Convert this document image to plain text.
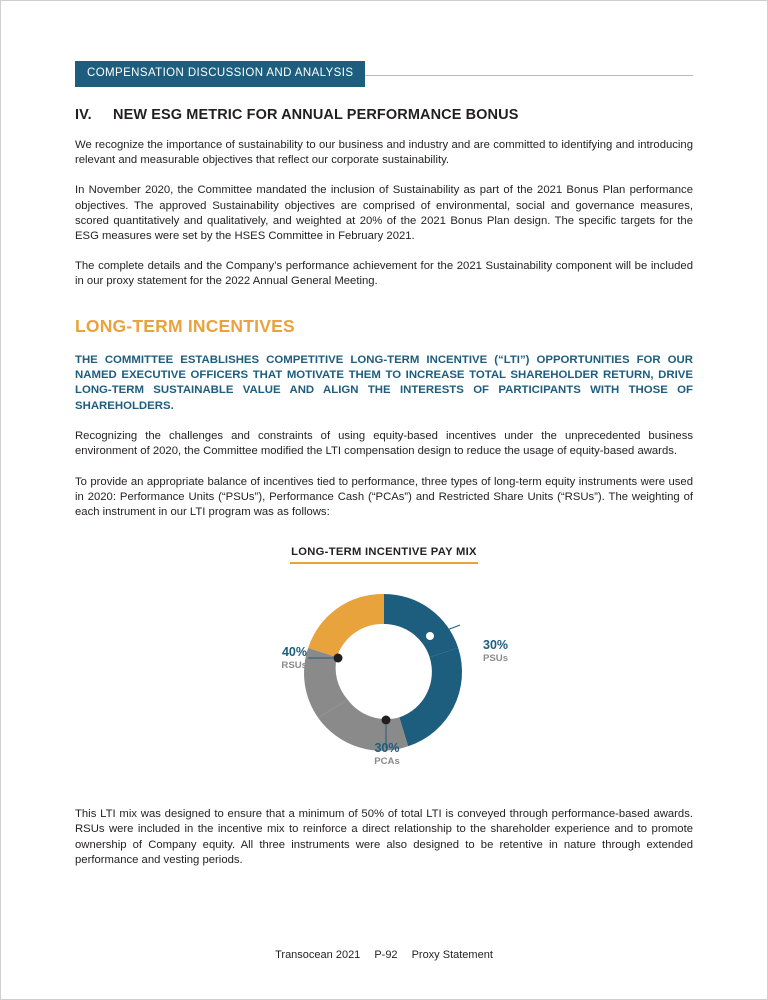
COMPENSATION DISCUSSION AND ANALYSIS
IV. NEW ESG METRIC FOR ANNUAL PERFORMANCE BONUS

We recognize the importance of sustainability to our business and industry and are committed to identifying and introducing relevant and measurable objectives that reflect our corporate sustainability.

In November 2020, the Committee mandated the inclusion of Sustainability as part of the 2021 Bonus Plan performance objectives. The approved Sustainability objectives are comprised of environmental, social and governance measures, scored quantitatively and qualitatively, and weighted at 20% of the 2021 Bonus Plan design. The specific targets for the ESG measures were set by the HSES Committee in February 2021.

The complete details and the Company’s performance achievement for the 2021 Sustainability component will be included in our proxy statement for the 2022 Annual General Meeting.

LONG-TERM INCENTIVES

THE COMMITTEE ESTABLISHES COMPETITIVE LONG-TERM INCENTIVE (“LTI”) OPPORTUNITIES FOR OUR NAMED EXECUTIVE OFFICERS THAT MOTIVATE THEM TO INCREASE TOTAL SHAREHOLDER RETURN, DRIVE LONG-TERM SUSTAINABLE VALUE AND ALIGN THE INTERESTS OF PARTICIPANTS WITH THOSE OF SHAREHOLDERS.

Recognizing the challenges and constraints of using equity-based incentives under the unprecedented business environment of 2020, the Committee modified the LTI compensation design to reduce the usage of equity-based awards.

To provide an appropriate balance of incentives tied to performance, three types of long-term equity instruments were used in 2020: Performance Units (“PSUs”), Performance Cash (“PCAs”) and Restricted Share Units (“RSUs”). The weighting of each instrument in our LTI program was as follows:

LONG-TERM INCENTIVE PAY MIX
30%
PSUs
40%
RSUs
30%
PCAs

This LTI mix was designed to ensure that a minimum of 50% of total LTI is conveyed through performance-based awards. RSUs were included in the incentive mix to reinforce a direct relationship to the shareholder experience and to promote ownership of Company equity. All three instruments were also designed to be retentive in nature through extended performance and vesting periods.

Transocean 2021 P-92 Proxy Statement
